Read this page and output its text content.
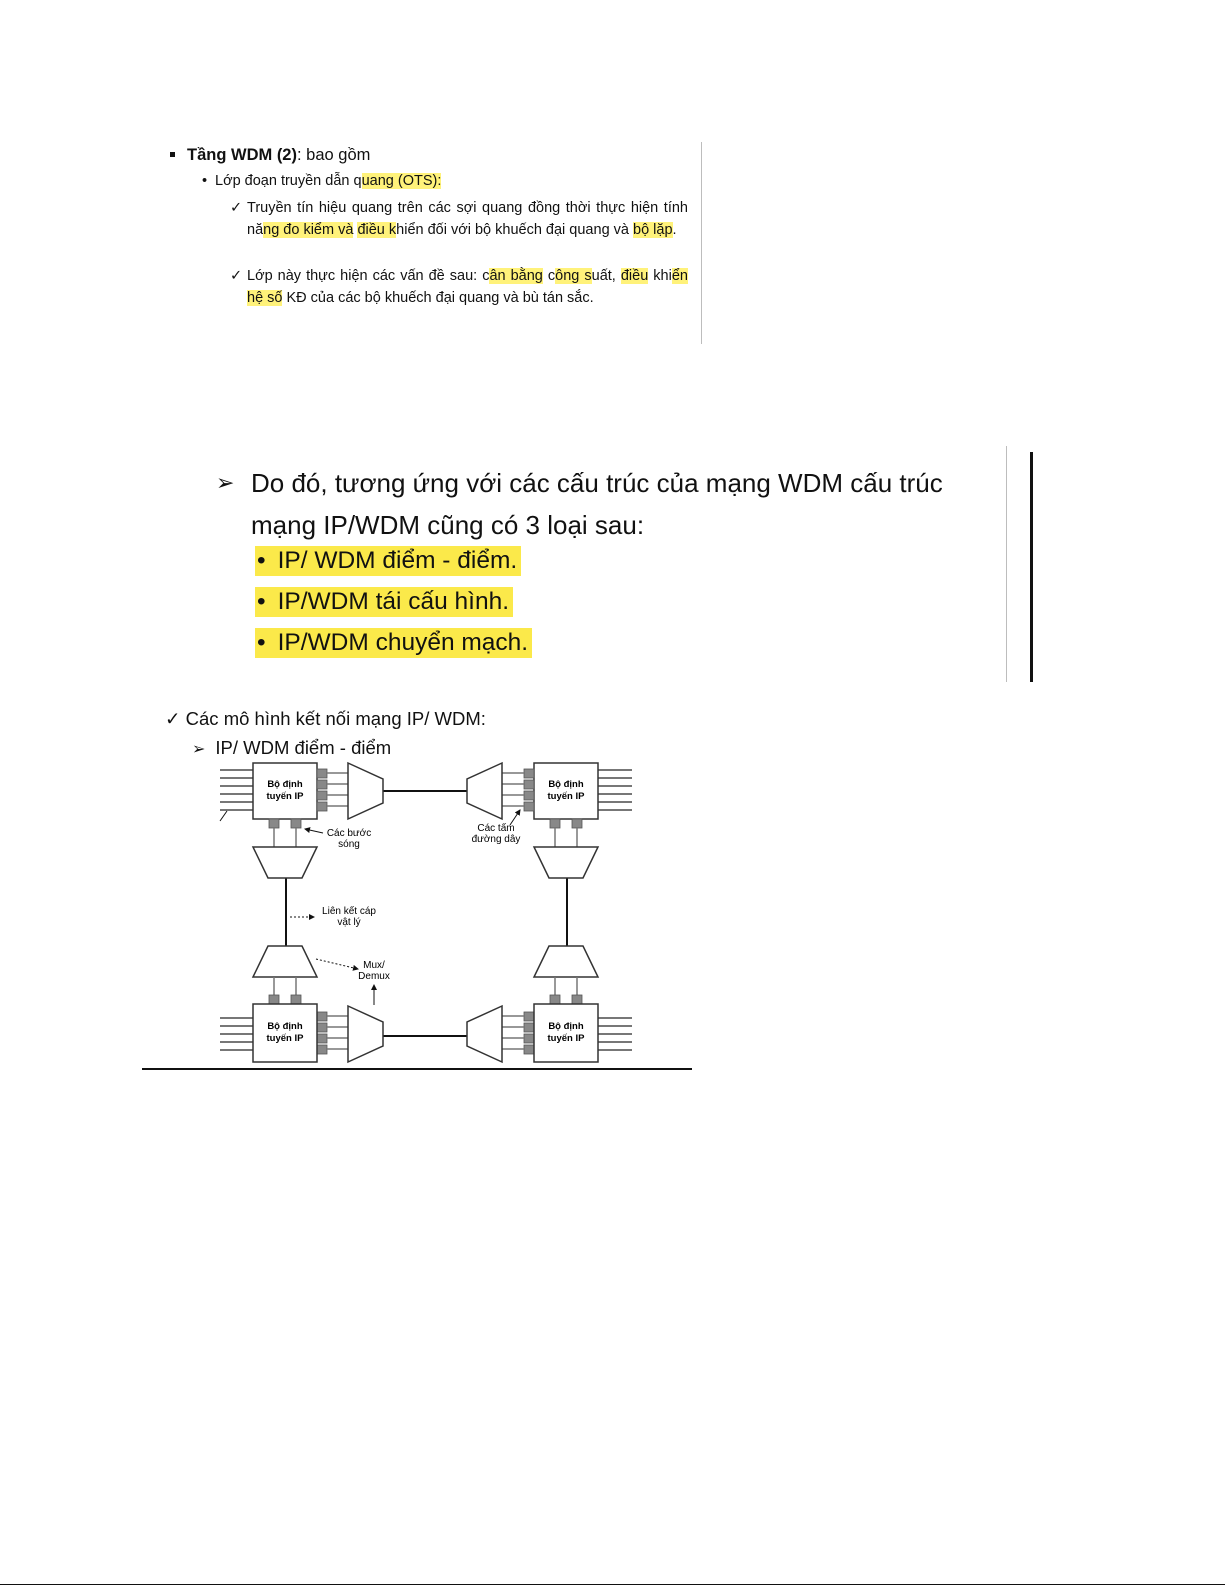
Tầng WDM (2): bao gồm
• Lớp đoạn truyền dẫn quang (OTS):
✓ Truyền tín hiệu quang trên các sợi quang đồng thời thực hiện tính năng đo kiểm và điều khiển đối với bộ khuếch đại quang và bộ lặp.
✓ Lớp này thực hiện các vấn đề sau: cân bằng công suất, điều khiển hệ số KĐ của các bộ khuếch đại quang và bù tán sắc.
➢ Do đó, tương ứng với các cấu trúc của mạng WDM cấu trúc mạng IP/WDM cũng có 3 loại sau:
• IP/ WDM điểm - điểm.
• IP/WDM tái cấu hình.
• IP/WDM chuyển mạch.
✓ Các mô hình kết nối mạng IP/ WDM:
➢ IP/ WDM điểm - điểm
Bộ định
tuyến IP
Bộ định
tuyến IP
Bộ định
tuyến IP
Bộ định
tuyến IP
Các bước
sóng
Các tấm
đường dây
Liên kết cáp
vật lý
Mux/
Demux
